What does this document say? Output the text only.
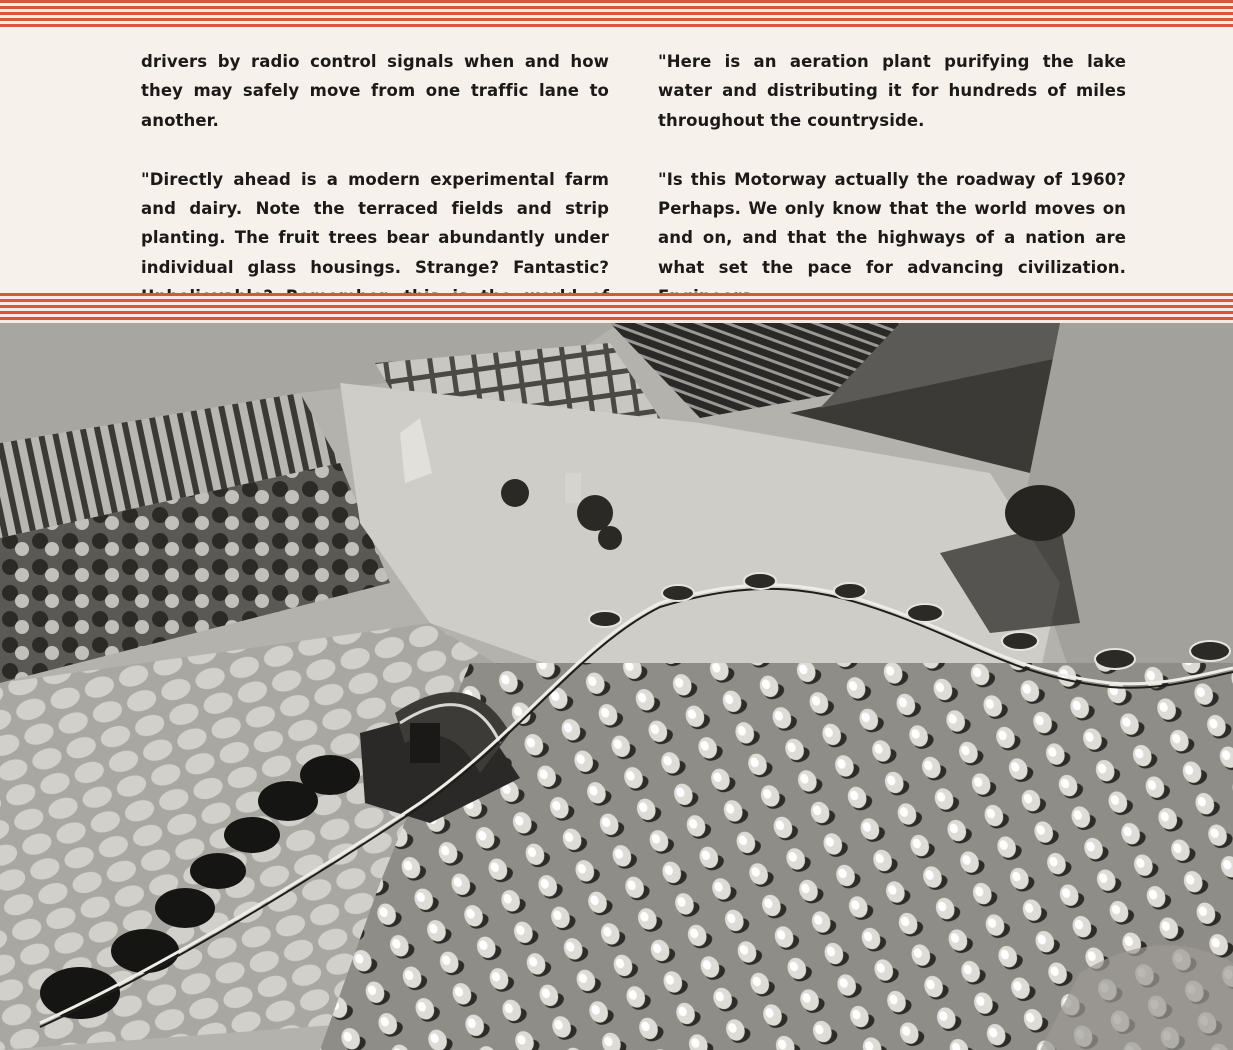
drivers by radio control signals when and how they may safely move from one traffic lane to another.

"Directly ahead is a modern experimental farm and dairy. Note the terraced fields and strip planting. The fruit trees bear abundantly under individual glass housings. Strange? Fantastic?

"Here is an aeration plant purifying the lake water and distributing it for hundreds of miles throughout the countryside.

"Is this Motorway actually the roadway of 1960? Perhaps. We only know that the world moves on and on, and that the highways of a nation are what set the pace for advancing civilization.
